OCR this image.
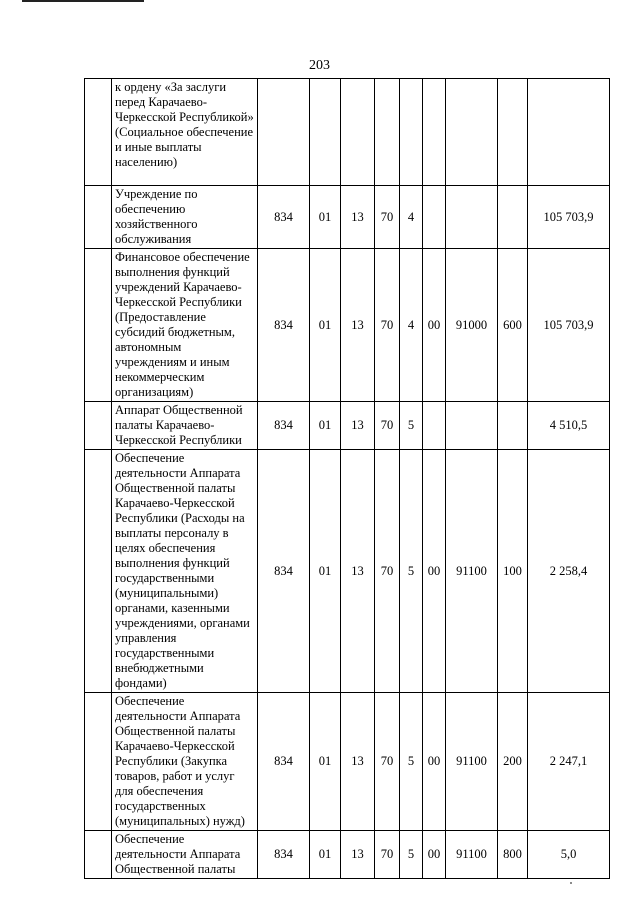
203
	к ордену «За заслуги перед Карачаево-Черкесской Республикой» (Социальное обеспечение и иные выплаты населению)									
	Учреждение по обеспечению хозяйственного обслуживания	834	01	13	70	4				105 703,9
	Финансовое обеспечение выполнения функций учреждений Карачаево-Черкесской Республики (Предоставление субсидий бюджетным, автономным учреждениям и иным некоммерческим организациям)	834	01	13	70	4	00	91000	600	105 703,9
	Аппарат Общественной палаты Карачаево-Черкесской Республики	834	01	13	70	5				4 510,5
	Обеспечение деятельности Аппарата Общественной палаты Карачаево-Черкесской Республики (Расходы на выплаты персоналу в целях обеспечения выполнения функций государственными (муниципальными) органами, казенными учреждениями, органами управления государственными внебюджетными фондами)	834	01	13	70	5	00	91100	100	2 258,4
	Обеспечение деятельности Аппарата Общественной палаты Карачаево-Черкесской Республики (Закупка товаров, работ и услуг для обеспечения государственных (муниципальных) нужд)	834	01	13	70	5	00	91100	200	2 247,1
	Обеспечение деятельности Аппарата Общественной палаты	834	01	13	70	5	00	91100	800	5,0
